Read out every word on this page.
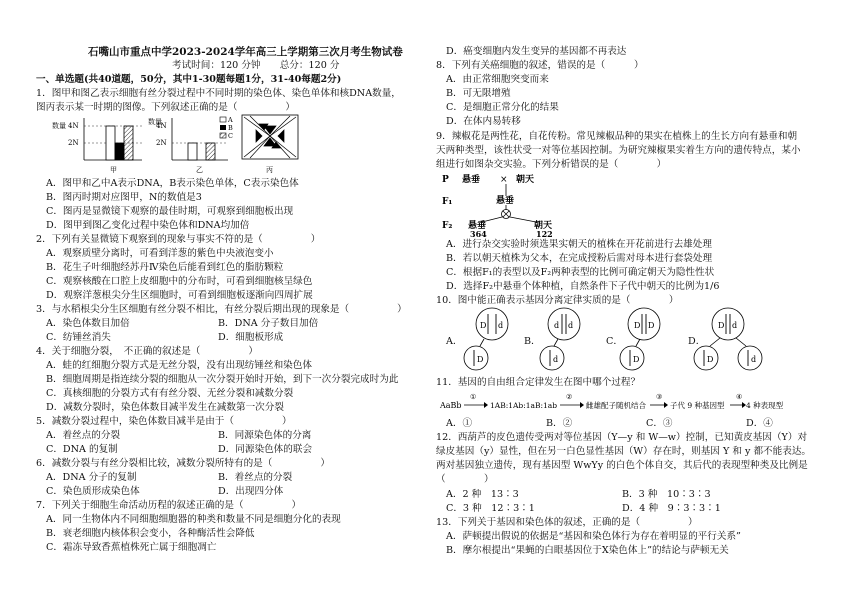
石嘴山市重点中学2023-2024学年高三上学期第三次月考生物试卷
考试时间：120 分钟　　总分：120 分
一、单选题(共40道题，50分，其中1-30题每题1分，31-40每题2分)
1．图甲和图乙表示细胞有丝分裂过程中不同时期的染色体、染色单体和核DNA数量，
图丙表示某一时期的图像。下列叙述正确的是（　　　　　）
数量 4N
2N
甲
数量
4N
2N
乙
A
B
C
丙
A．图甲和乙中A表示DNA，B表示染色单体，C表示染色体
B．图丙时期对应图甲，N的数值是3
C．图丙是显微镜下观察的最佳时期，可观察到细胞板出现
D．图甲到图乙变化过程中染色体和DNA均加倍
2．下列有关显微镜下观察到的现象与事实不符的是（　　　　　）
A．观察质壁分离时，可看到洋葱的紫色中央液泡变小
B．花生子叶细胞经苏丹Ⅳ染色后能看到红色的脂肪颗粒
C．观察核酸在口腔上皮细胞中的分布时，可看到细胞核呈绿色
D．观察洋葱根尖分生区细胞时，可看到细胞板逐渐向四周扩展
3．与水稻根尖分生区细胞有丝分裂不相比，有丝分裂后期出现的现象是（　　　　　）
A．染色体数目加倍	B．DNA 分子数目加倍
C．纺锤丝消失	D．细胞板形成
4．关于细胞分裂，　不正确的叙述是（　　　　　）
A．蛙的红细胞分裂方式是无丝分裂，没有出现纺锤丝和染色体
B．细胞周期是指连续分裂的细胞从一次分裂开始时开始，到下一次分裂完成时为此
C．真核细胞的分裂方式有有丝分裂、无丝分裂和减数分裂
D．减数分裂时，染色体数目减半发生在减数第一次分裂
5．减数分裂过程中，染色体数目减半是由于（　　　　　）
A．着丝点的分裂	B．同源染色体的分离
C．DNA 的复制	D．同源染色体的联会
6．减数分裂与有丝分裂相比较，减数分裂所特有的是（　　　　　）
A．DNA 分子的复制	B．着丝点的分裂
C．染色质形成染色体	D．出现四分体
7．下列关于细胞生命活动历程的叙述正确的是（　　　　　）
A．同一生物体内不同细胞细胞器的种类和数量不同是细胞分化的表现
B．衰老细胞内核体积会变小，各种酶活性会降低
C．霜冻导致香蕉植株死亡属于细胞凋亡
D．癌变细胞内发生变异的基因都不再表达
8．下列有关癌细胞的叙述，错误的是（　　　）
A．由正常细胞突变而来
B．可无限增殖
C．是细胞正常分化的结果
D．在体内易转移
9．辣椒花是两性花，自花传粉。常见辣椒品种的果实在植株上的生长方向有悬垂和朝
天两种类型，该性状受一对等位基因控制。为研究辣椒果实着生方向的遗传特点，某小
组进行如图杂交实验。下列分析错误的是（　　　　）
P 悬垂 × 朝天
F₁	悬垂
F₂ 悬垂	朝天
364	122
A．进行杂交实验时须选果实朝天的植株在开花前进行去雄处理
B．若以朝天植株为父本，在完成授粉后需对母本进行套袋处理
C．根据F₁的表型以及F₂两种表型的比例可确定朝天为隐性性状
D．选择F₂中悬垂个体种植，自然条件下子代中朝天的比例为1/6
10．图中能正确表示基因分离定律实质的是（　　　　）
A．	B．	C．	D．
D d
D
d d
d
D D
D
D d
D	d
11．基因的自由组合定律发生在图中哪个过程？
AaBb
①
1AB:1Ab:1aB:1ab
②
雌雄配子随机结合
③
子代 9 种基因型
④
4 种表现型
A．①	B．②	C．③	D．④
12．西葫芦的皮色遗传受两对等位基因（Y—y 和 W—w）控制，已知黄皮基因（Y）对
绿皮基因（y）显性，但在另一白色显性基因（W）存在时，则基因 Y 和 y 都不能表达。
两对基因独立遗传，现有基因型 WwYy 的白色个体自交，其后代的表现型种类及比例是
（　　　　）
A．2 种　13∶3	B．3 种　10∶3∶3
C．3 种　12∶3∶1	D．4 种　9∶3∶3∶1
13．下列关于基因和染色体的叙述，正确的是（　　　　　）
A．萨顿提出假说的依据是“基因和染色体行为存在着明显的平行关系”
B．摩尔根提出“果蝇的白眼基因位于X染色体上”的结论与萨顿无关
